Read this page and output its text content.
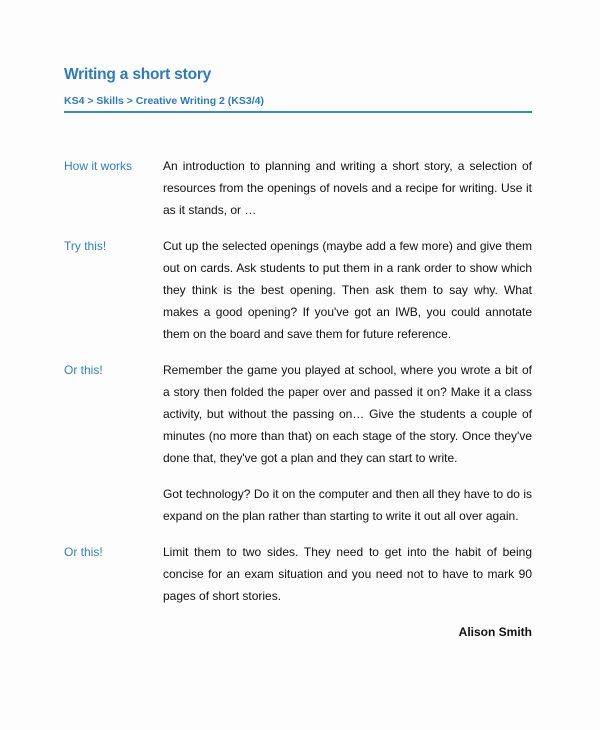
Writing a short story
KS4 > Skills > Creative Writing 2 (KS3/4)
How it works	An introduction to planning and writing a short story, a selection of resources from the openings of novels and a recipe for writing. Use it as it stands, or …
Try this!	Cut up the selected openings (maybe add a few more) and give them out on cards. Ask students to put them in a rank order to show which they think is the best opening. Then ask them to say why. What makes a good opening? If you've got an IWB, you could annotate them on the board and save them for future reference.
Or this!	Remember the game you played at school, where you wrote a bit of a story then folded the paper over and passed it on? Make it a class activity, but without the passing on… Give the students a couple of minutes (no more than that) on each stage of the story. Once they've done that, they've got a plan and they can start to write.
Got technology? Do it on the computer and then all they have to do is expand on the plan rather than starting to write it out all over again.
Or this!	Limit them to two sides. They need to get into the habit of being concise for an exam situation and you need not to have to mark 90 pages of short stories.
Alison Smith
